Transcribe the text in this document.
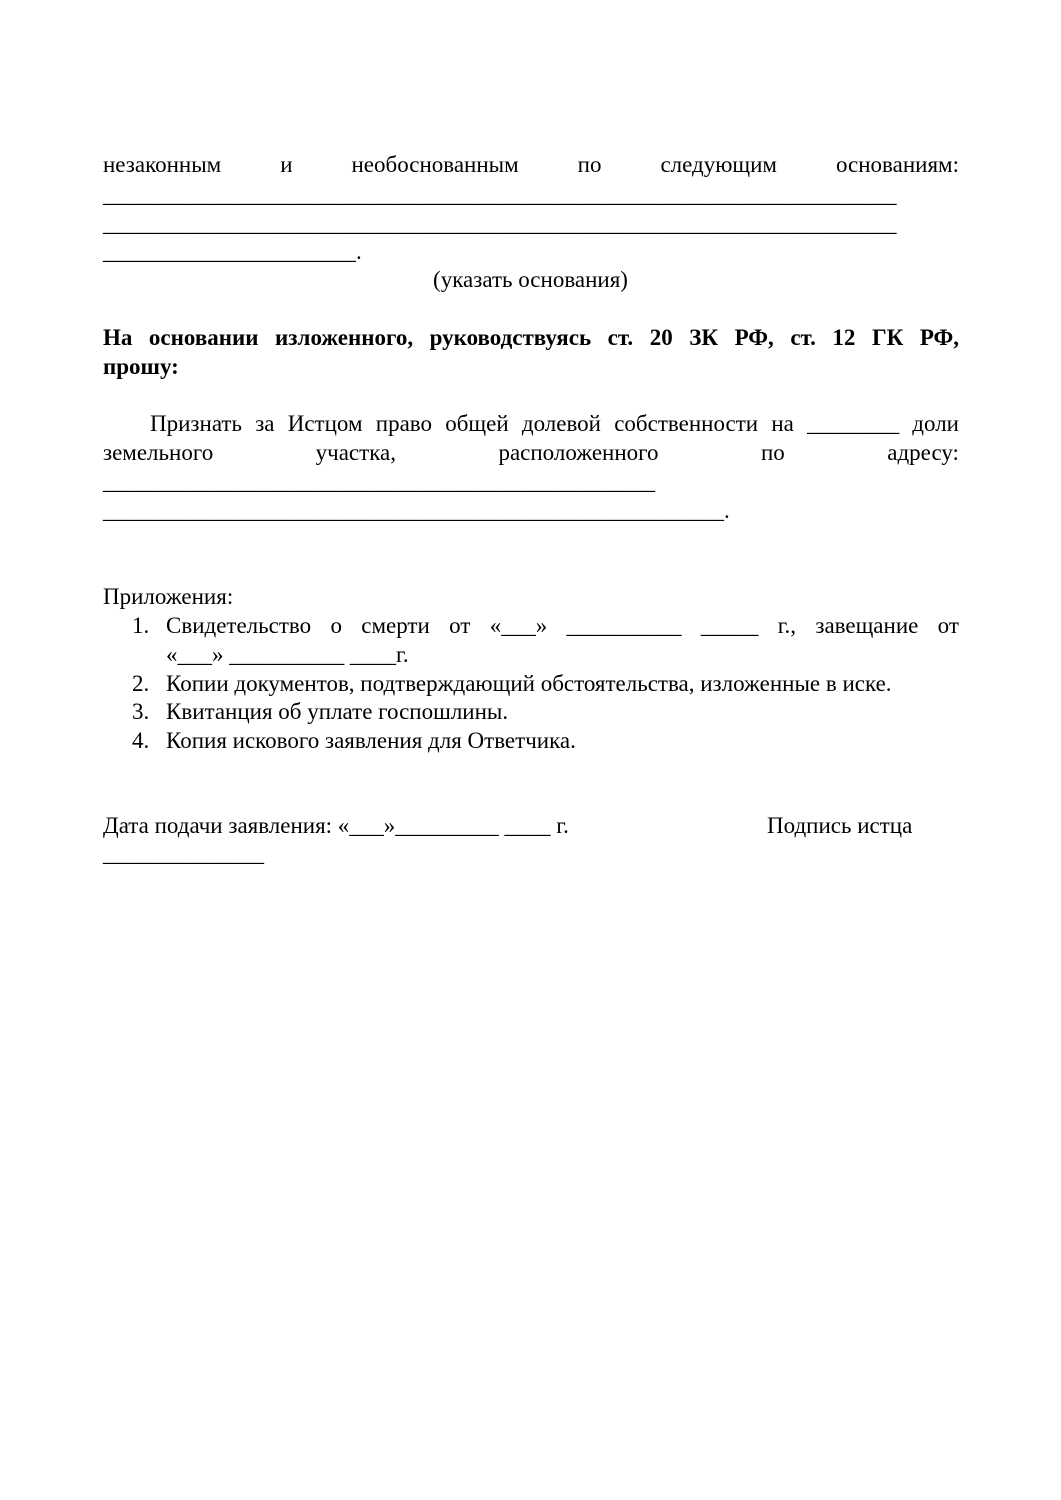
незаконным	и	необоснованным	по	следующим	основаниям:
_____________________________________________________________________
_____________________________________________________________________
______________________.
(указать основания)
На основании изложенного, руководствуясь ст. 20 ЗК РФ, ст. 12 ГК РФ,
прошу:
Признать за Истцом право общей долевой собственности на ________ доли
земельного	участка,	расположенного	по	адресу:
________________________________________________
______________________________________________________.
Приложения:
1. Свидетельство о смерти от «___» __________ _____ г., завещание от
«___» __________ ____г.
2. Копии документов, подтверждающий обстоятельства, изложенные в иске.
3. Квитанция об уплате госпошлины.
4. Копия искового заявления для Ответчика.
Дата подачи заявления: «___»_________ ____ г.	Подпись истца
______________
